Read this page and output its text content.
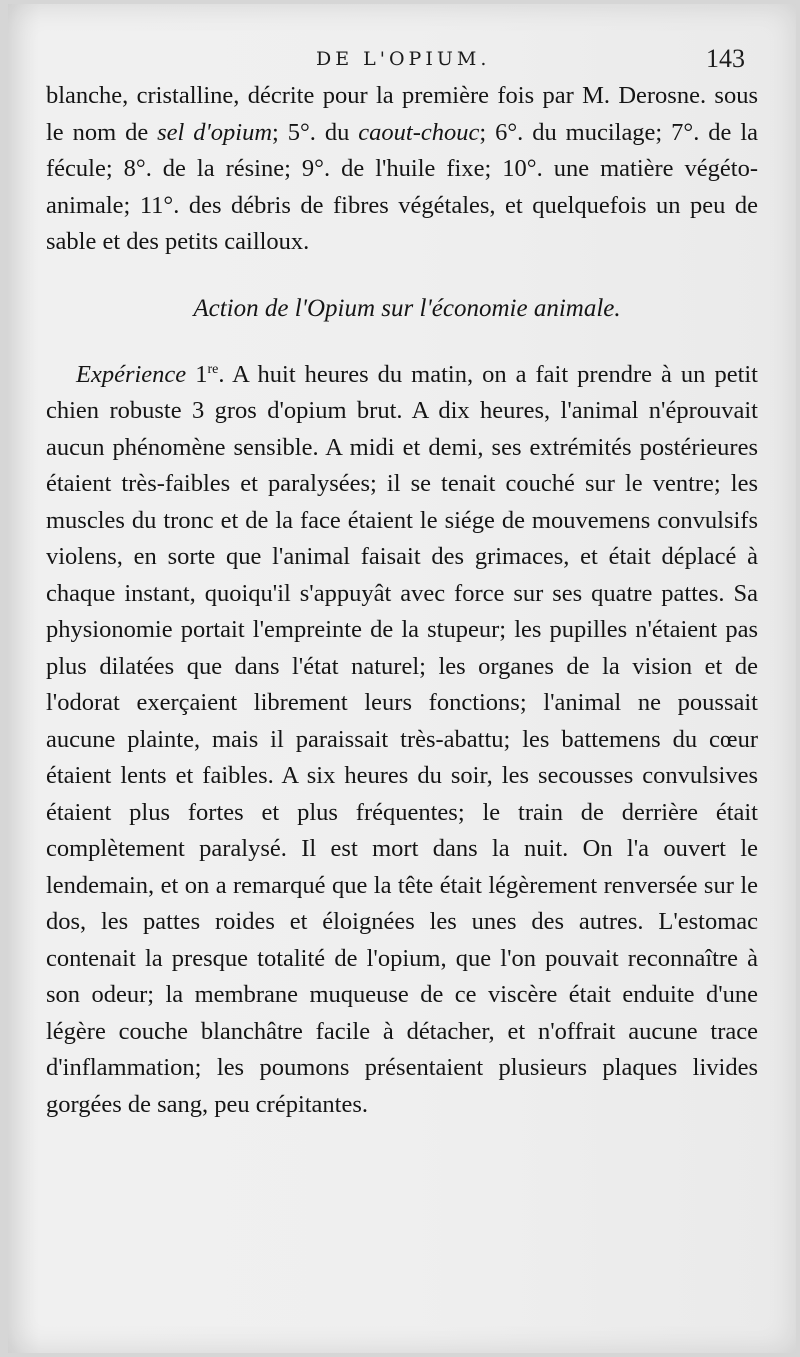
DE L'OPIUM.	143

blanche, cristalline, décrite pour la première fois par M. Derosne. sous le nom de sel d'opium; 5°. du caout-chouc; 6°. du mucilage; 7°. de la fécule; 8°. de la résine; 9°. de l'huile fixe; 10°. une matière végéto-animale; 11°. des débris de fibres végétales, et quelquefois un peu de sable et des petits cailloux.

Action de l'Opium sur l'économie animale.

Expérience 1re. A huit heures du matin, on a fait prendre à un petit chien robuste 3 gros d'opium brut. A dix heures, l'animal n'éprouvait aucun phénomène sensible. A midi et demi, ses extrémités postérieures étaient très-faibles et paralysées; il se tenait couché sur le ventre; les muscles du tronc et de la face étaient le siége de mouvemens convulsifs violens, en sorte que l'animal faisait des grimaces, et était déplacé à chaque instant, quoiqu'il s'appuyât avec force sur ses quatre pattes. Sa physionomie portait l'empreinte de la stupeur; les pupilles n'étaient pas plus dilatées que dans l'état naturel; les organes de la vision et de l'odorat exerçaient librement leurs fonctions; l'animal ne poussait aucune plainte, mais il paraissait très-abattu; les battemens du cœur étaient lents et faibles. A six heures du soir, les secousses convulsives étaient plus fortes et plus fréquentes; le train de derrière était complètement paralysé. Il est mort dans la nuit. On l'a ouvert le lendemain, et on a remarqué que la tête était légèrement renversée sur le dos, les pattes roides et éloignées les unes des autres. L'estomac contenait la presque totalité de l'opium, que l'on pouvait reconnaître à son odeur; la membrane muqueuse de ce viscère était enduite d'une légère couche blanchâtre facile à détacher, et n'offrait aucune trace d'inflammation; les poumons présentaient plusieurs plaques livides gorgées de sang, peu crépitantes.
